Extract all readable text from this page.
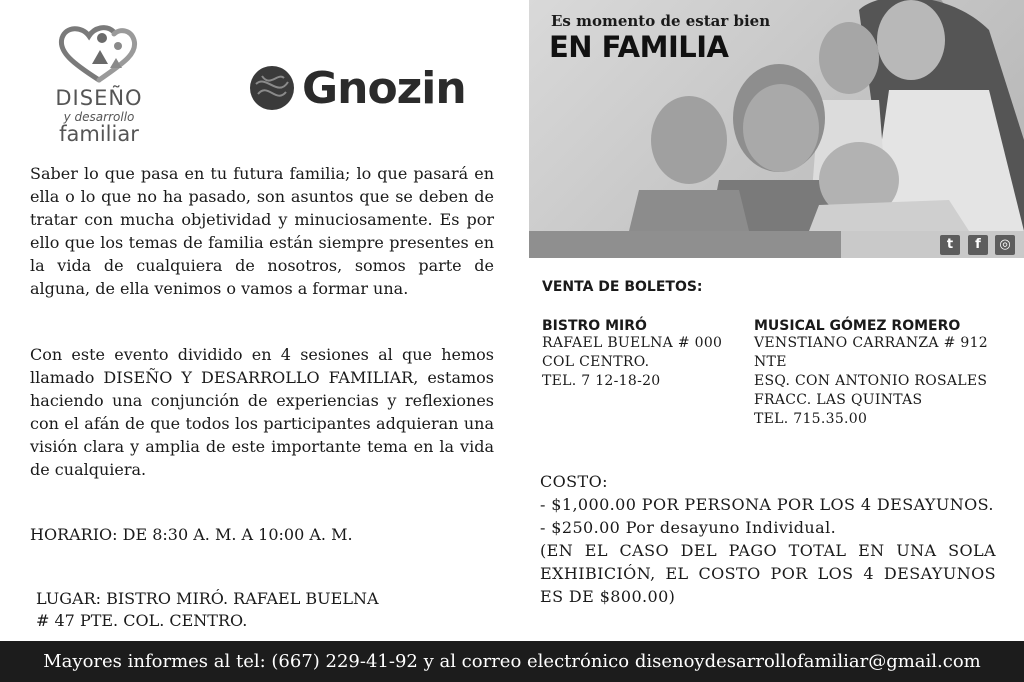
DISEÑO
y desarrollo
familiar
Gnozin
Saber lo que pasa en tu futura familia; lo que pasará en ella o lo que no ha pasado, son asuntos que se deben de tratar con mucha objetividad y minuciosamente. Es por ello que los temas de familia están siempre presentes en la vida de cualquiera de nosotros, somos parte de alguna, de ella venimos o vamos a formar una.
Con este evento dividido en 4 sesiones al que hemos llamado DISEÑO Y DESARROLLO FAMILIAR, estamos haciendo una conjunción de experiencias y reflexiones con el afán de que todos los participantes adquieran una visión clara y amplia de este importante tema en la vida de cualquiera.
HORARIO: DE 8:30 A. M. A 10:00 A. M.
LUGAR: BISTRO MIRÓ. RAFAEL BUELNA
# 47 PTE. COL. CENTRO.
Es momento de estar bien
EN FAMILIA
t	f	◎
VENTA DE BOLETOS:
BISTRO MIRÓ
RAFAEL BUELNA # 000
COL CENTRO.
TEL. 7 12-18-20
MUSICAL GÓMEZ ROMERO
VENSTIANO CARRANZA # 912
NTE
ESQ. CON ANTONIO ROSALES
FRACC. LAS QUINTAS
TEL. 715.35.00
COSTO:
- $1,000.00 POR PERSONA POR LOS 4 DESAYUNOS.
- $250.00 Por desayuno Individual.
(EN EL CASO DEL PAGO TOTAL EN UNA SOLA EXHIBICIÓN, EL COSTO POR LOS 4 DESAYUNOS ES DE $800.00)
Mayores informes al tel: (667) 229-41-92 y al correo electrónico disenoydesarrollofamiliar@gmail.com
